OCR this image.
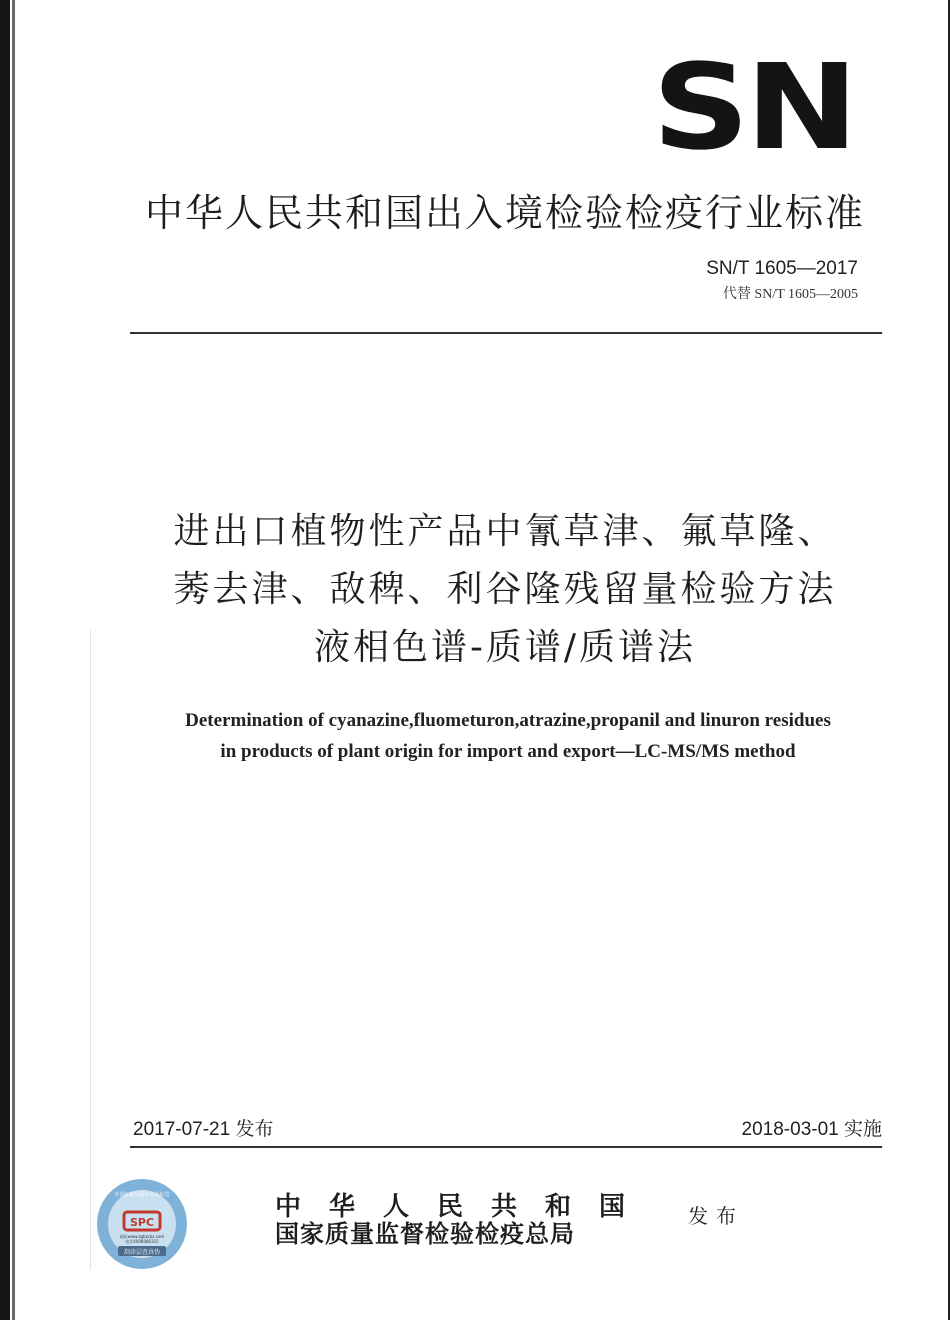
SN
中华人民共和国出入境检验检疫行业标准
SN/T 1605—2017
代替 SN/T 1605—2005
进出口植物性产品中氰草津、氟草隆、
莠去津、敌稗、利谷隆残留量检验方法
液相色谱-质谱/质谱法
Determination of cyanazine,fluometuron,atrazine,propanil and linuron residues
in products of plant origin for import and export—LC-MS/MS method
2017-07-21 发布	2018-03-01 实施
SPC
网址www.zgbzcbs.com
电话4008086315
中国标准出版社防伪标签
刮涂层查真伪
中华人民共和国
国家质量监督检验检疫总局
发布
